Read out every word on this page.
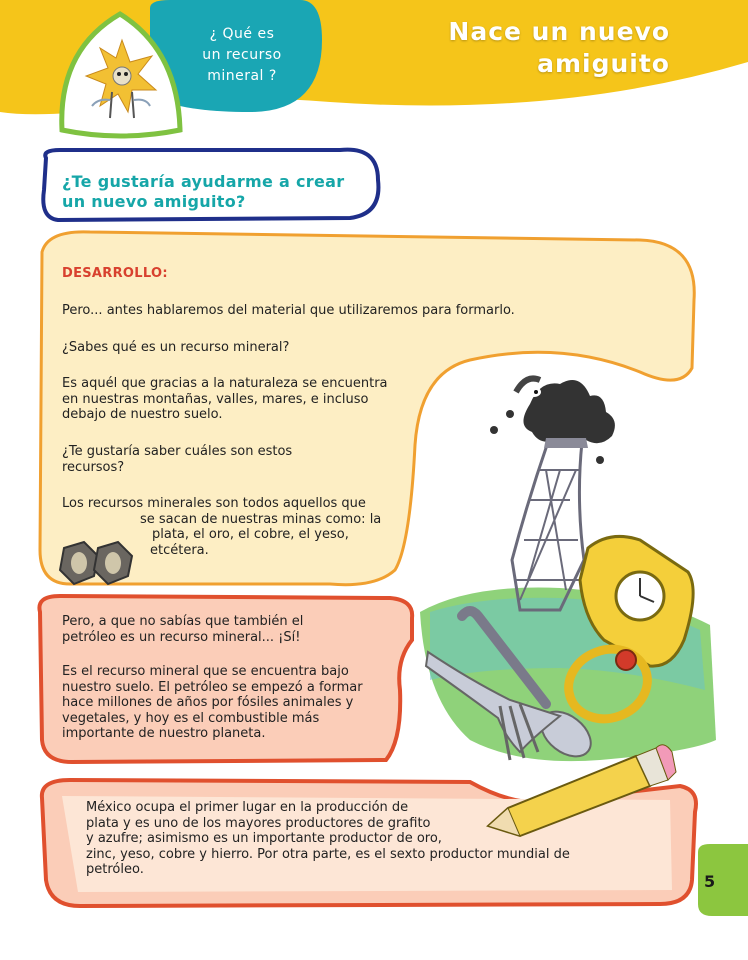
Nace un nuevo
amiguito
¿ Qué es
un recurso
mineral ?
¿Te gustaría ayudarme a crear
un nuevo amiguito?
DESARROLLO:
Pero... antes hablaremos del material que utilizaremos para formarlo.
¿Sabes qué es un recurso mineral?
Es aquél que gracias a la naturaleza se encuentra
en nuestras montañas, valles, mares, e incluso
debajo de nuestro suelo.
¿Te gustaría saber cuáles son estos
recursos?
Los recursos minerales son todos aquellos que
se sacan de nuestras minas como: la
plata, el oro, el cobre, el yeso,
etcétera.
Pero, a que no sabías que también el
petróleo es un recurso mineral... ¡Sí!
Es el recurso mineral que se encuentra bajo
nuestro suelo. El petróleo se empezó a formar
hace millones de años por fósiles animales y
vegetales, y hoy es el combustible más
importante de nuestro planeta.
México ocupa el primer lugar en la producción de
plata y es uno de los mayores productores de grafito
y azufre; asimismo es un importante productor de oro,
zinc, yeso, cobre y hierro. Por otra parte, es el sexto productor mundial de
petróleo.
5
